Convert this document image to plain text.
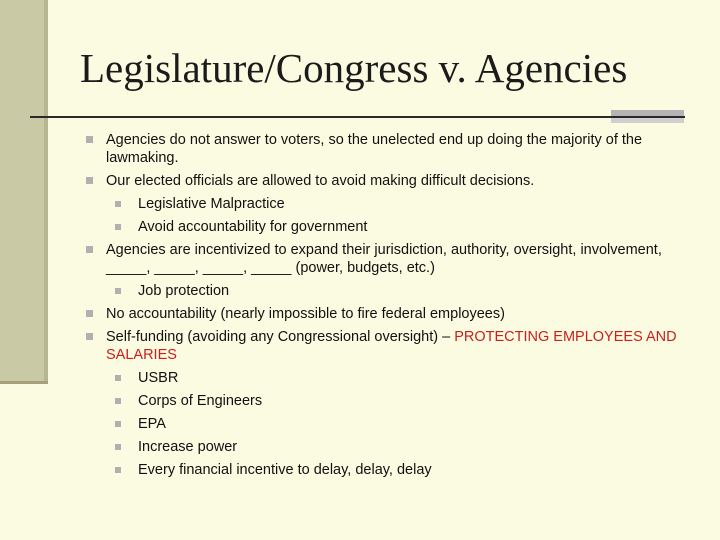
Legislature/Congress v. Agencies
Agencies do not answer to voters, so the unelected end up doing the majority of the lawmaking.
Our elected officials are allowed to avoid making difficult decisions.
Legislative Malpractice
Avoid accountability for government
Agencies are incentivized to expand their jurisdiction, authority, oversight, involvement, _____, _____, _____, _____ (power, budgets, etc.)
Job protection
No accountability (nearly impossible to fire federal employees)
Self-funding (avoiding any Congressional oversight) – PROTECTING EMPLOYEES AND SALARIES
USBR
Corps of Engineers
EPA
Increase power
Every financial incentive to delay, delay, delay
